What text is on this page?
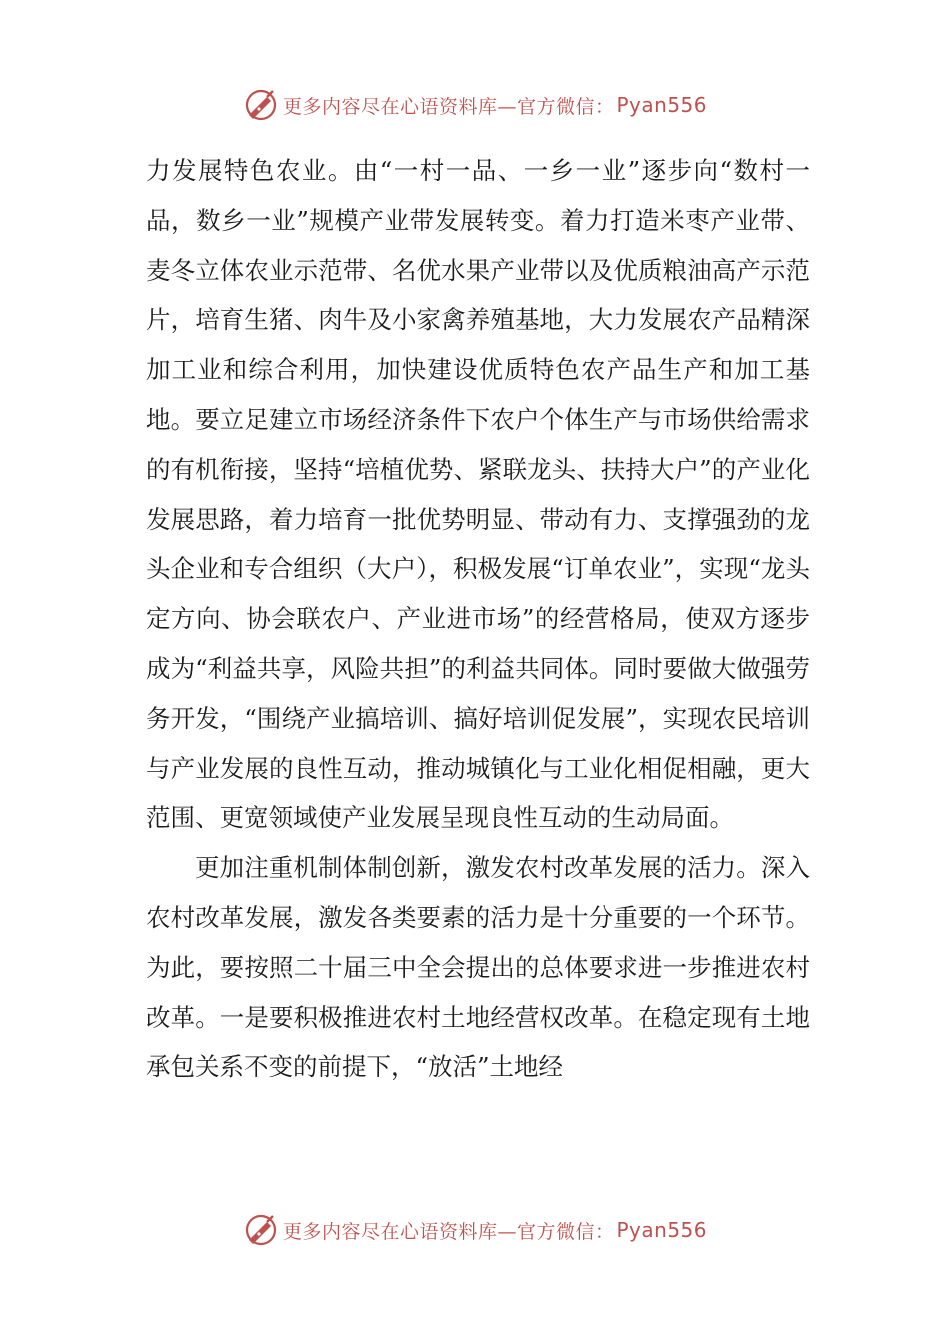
更多内容尽在心语资料库—官方微信： Pyan556

力发展特色农业。由“一村一品、一乡一业”逐步向“数村一品，数乡一业”规模产业带发展转变。着力打造米枣产业带、麦冬立体农业示范带、名优水果产业带以及优质粮油高产示范片，培育生猪、肉牛及小家禽养殖基地，大力发展农产品精深加工业和综合利用，加快建设优质特色农产品生产和加工基地。要立足建立市场经济条件下农户个体生产与市场供给需求的有机衔接，坚持“培植优势、紧联龙头、扶持大户”的产业化发展思路，着力培育一批优势明显、带动有力、支撑强劲的龙头企业和专合组织（大户），积极发展“订单农业”，实现“龙头定方向、协会联农户、产业进市场”的经营格局，使双方逐步成为“利益共享，风险共担”的利益共同体。同时要做大做强劳务开发，“围绕产业搞培训、搞好培训促发展”，实现农民培训与产业发展的良性互动，推动城镇化与工业化相促相融，更大范围、更宽领域使产业发展呈现良性互动的生动局面。

更加注重机制体制创新，激发农村改革发展的活力。深入农村改革发展，激发各类要素的活力是十分重要的一个环节。为此，要按照二十届三中全会提出的总体要求进一步推进农村改革。一是要积极推进农村土地经营权改革。在稳定现有土地承包关系不变的前提下，“放活”土地经

更多内容尽在心语资料库—官方微信： Pyan556
